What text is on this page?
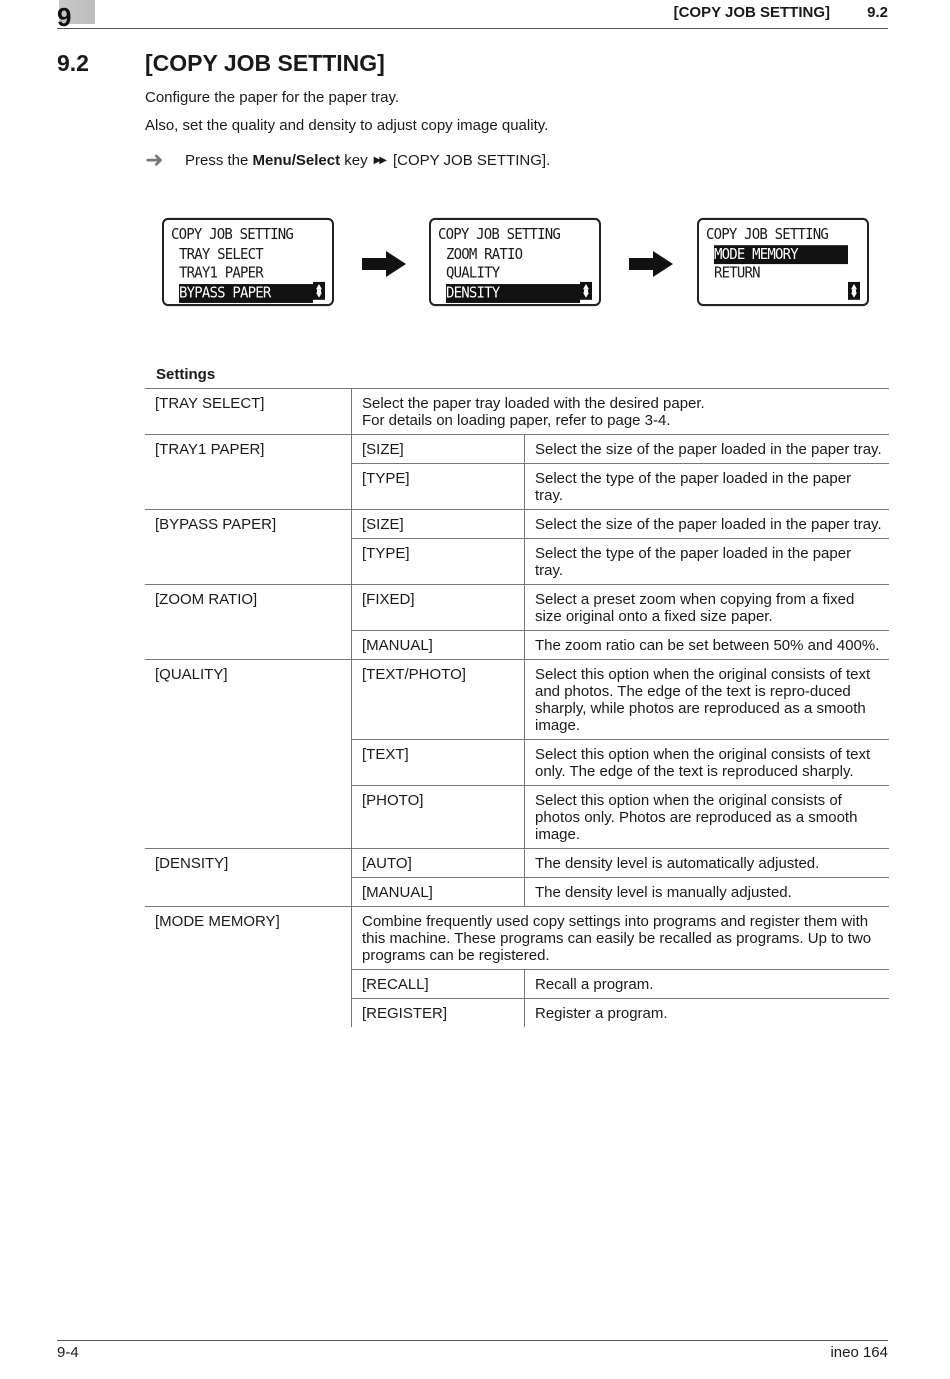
9	[COPY JOB SETTING] 9.2
9.2 [COPY JOB SETTING]
Configure the paper for the paper tray.
Also, set the quality and density to adjust copy image quality.
➜	Press the
Menu/Select
key ▶▶ [COPY JOB SETTING].
COPY JOB SETTING
TRAY SELECT
TRAY1 PAPER
BYPASS PAPER
COPY JOB SETTING
ZOOM RATIO
QUALITY
DENSITY
COPY JOB SETTING
MODE MEMORY
RETURN
Settings
[TRAY SELECT]	Select the paper tray loaded with the desired paper.
For details on loading paper, refer to page 3-4.	

[TRAY1 PAPER]	[SIZE]	Select the size of the paper loaded in the paper tray.
	[TYPE]	Select the type of the paper loaded in the paper tray.
[BYPASS PAPER]	[SIZE]	Select the size of the paper loaded in the paper tray.
	[TYPE]	Select the type of the paper loaded in the paper tray.
[ZOOM RATIO]	[FIXED]	Select a preset zoom when copying from a fixed size original onto a fixed size paper.
	[MANUAL]	The zoom ratio can be set between 50% and 400%.
[QUALITY]	[TEXT/PHOTO]	Select this option when the original consists of text and photos. The edge of the text is repro-duced sharply, while photos are reproduced as a smooth image.
	[TEXT]	Select this option when the original consists of text only. The edge of the text is reproduced sharply.
	[PHOTO]	Select this option when the original consists of photos only. Photos are reproduced as a smooth image.
[DENSITY]	[AUTO]	The density level is automatically adjusted.
	[MANUAL]	The density level is manually adjusted.
[MODE MEMORY]	Combine frequently used copy settings into programs and register them with this machine. These programs can easily be recalled as programs. Up to two programs can be registered.	
	[RECALL]	Recall a program.
	[REGISTER]	Register a program.
9-4	ineo 164
